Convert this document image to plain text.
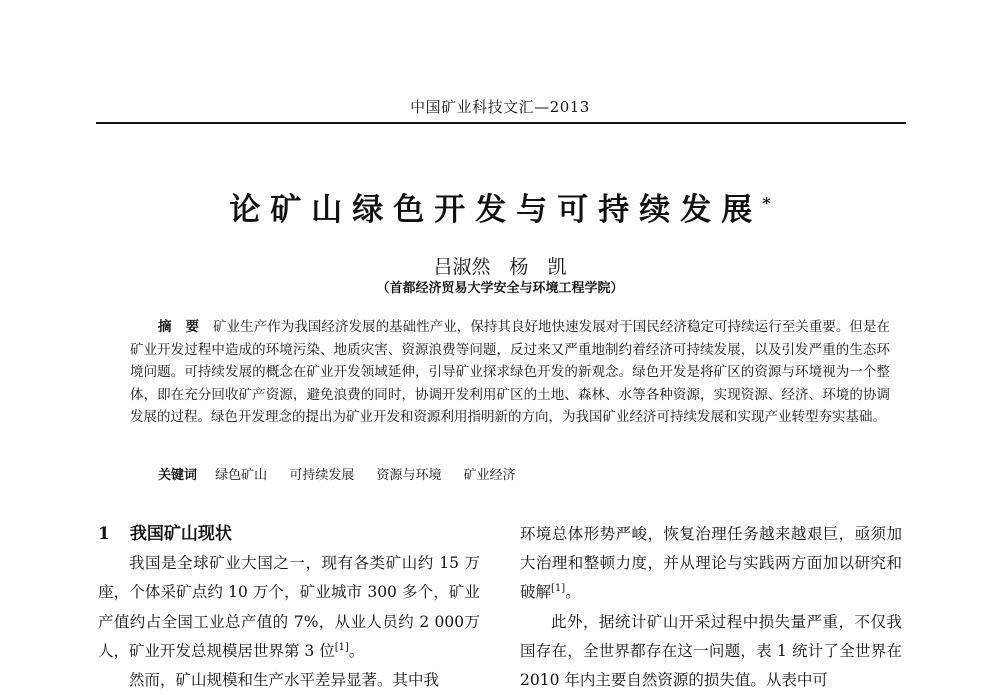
中国矿业科技文汇—2013
论矿山绿色开发与可持续发展*
吕淑然　杨　凯
（首都经济贸易大学安全与环境工程学院）
摘要矿业生产作为我国经济发展的基础性产业，保持其良好地快速发展对于国民经济稳定可持续运行至关重要。但是在矿业开发过程中造成的环境污染、地质灾害、资源浪费等问题，反过来又严重地制约着经济可持续发展，以及引发严重的生态环境问题。可持续发展的概念在矿业开发领域延伸，引导矿业探求绿色开发的新观念。绿色开发是将矿区的资源与环境视为一个整体，即在充分回收矿产资源，避免浪费的同时，协调开发利用矿区的土地、森林、水等各种资源，实现资源、经济、环境的协调发展的过程。绿色开发理念的提出为矿业开发和资源利用指明新的方向，为我国矿业经济可持续发展和实现产业转型夯实基础。
关键词 绿色矿山 可持续发展 资源与环境 矿业经济

1 我国矿山现状

我国是全球矿业大国之一，现有各类矿山约 15 万座，个体采矿点约 10 万个，矿业城市 300 多个，矿业产值约占全国工业总产值的 7%，从业人员约 2 000万人，矿业开发总规模居世界第 3 位[1]。

然而，矿山规模和生产水平差异显著。其中我

环境总体形势严峻，恢复治理任务越来越艰巨，亟须加大治理和整顿力度，并从理论与实践两方面加以研究和破解[1]。

此外，据统计矿山开采过程中损失量严重，不仅我国存在，全世界都存在这一问题，表 1 统计了全世界在 2010 年内主要自然资源的损失值。从表中可
